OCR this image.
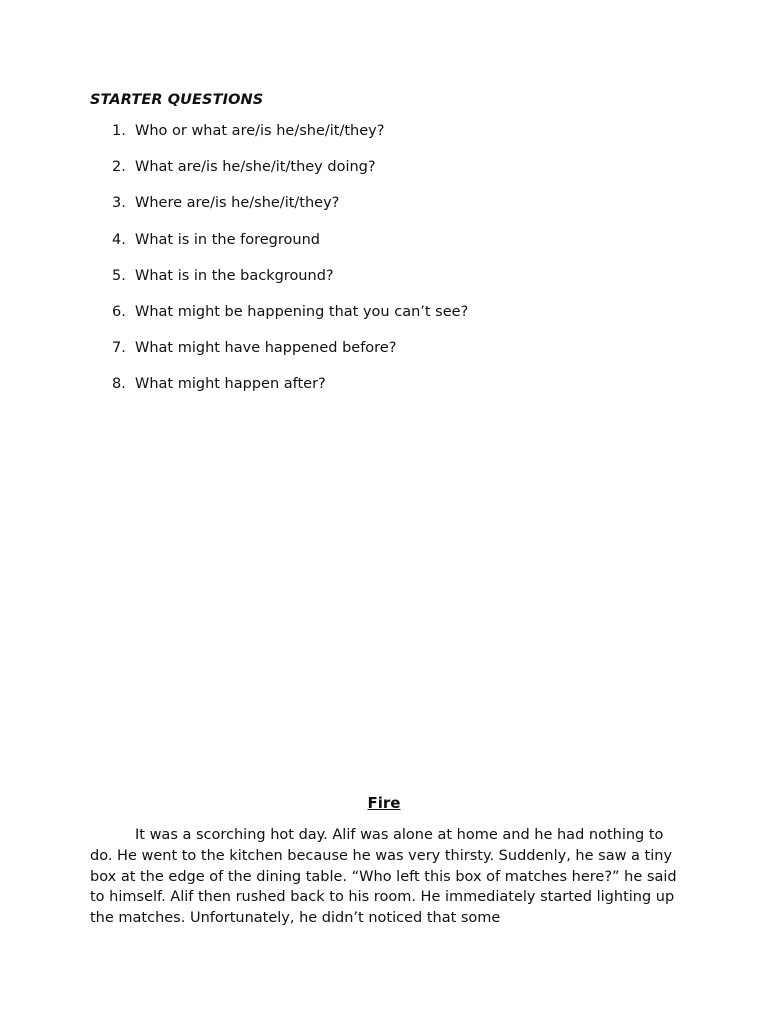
STARTER QUESTIONS
1. Who or what are/is he/she/it/they?
2. What are/is he/she/it/they doing?
3. Where are/is he/she/it/they?
4. What is in the foreground
5. What is in the background?
6. What might be happening that you can’t see?
7. What might have happened before?
8. What might happen after?
Fire

It was a scorching hot day. Alif was alone at home and he had nothing to do. He went to the kitchen because he was very thirsty. Suddenly, he saw a tiny box at the edge of the dining table. “Who left this box of matches here?” he said to himself. Alif then rushed back to his room. He immediately started lighting up the matches. Unfortunately, he didn’t noticed that some
